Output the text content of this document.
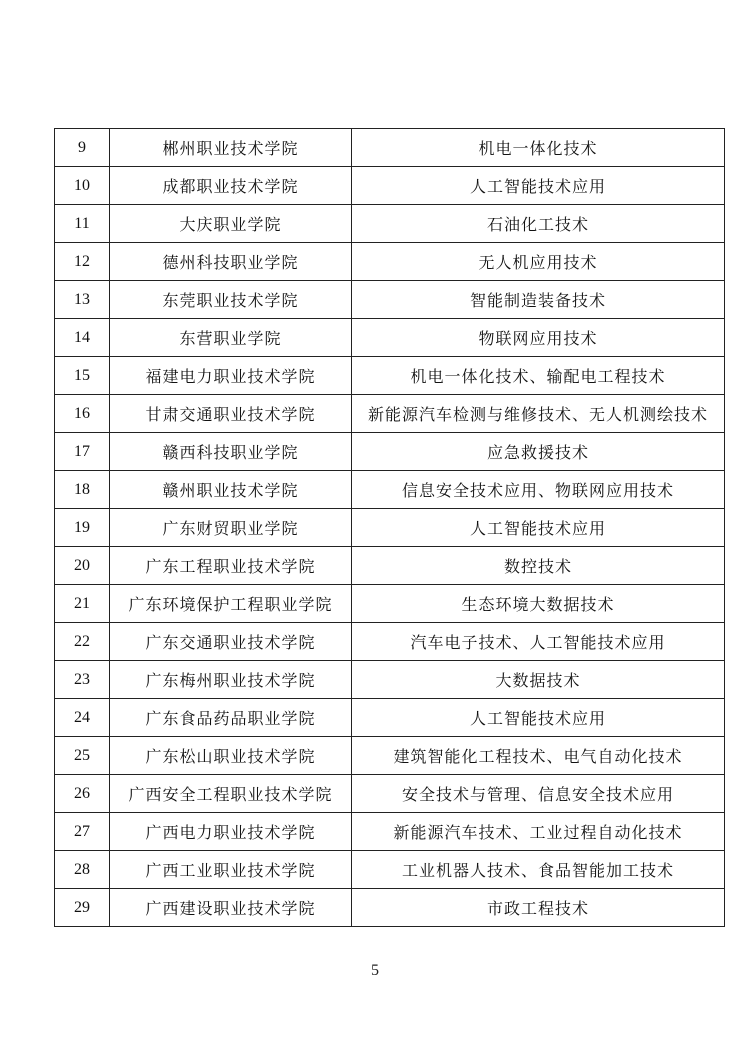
9	郴州职业技术学院	机电一体化技术
10	成都职业技术学院	人工智能技术应用
11	大庆职业学院	石油化工技术
12	德州科技职业学院	无人机应用技术
13	东莞职业技术学院	智能制造装备技术
14	东营职业学院	物联网应用技术
15	福建电力职业技术学院	机电一体化技术、输配电工程技术
16	甘肃交通职业技术学院	新能源汽车检测与维修技术、无人机测绘技术
17	赣西科技职业学院	应急救援技术
18	赣州职业技术学院	信息安全技术应用、物联网应用技术
19	广东财贸职业学院	人工智能技术应用
20	广东工程职业技术学院	数控技术
21	广东环境保护工程职业学院	生态环境大数据技术
22	广东交通职业技术学院	汽车电子技术、人工智能技术应用
23	广东梅州职业技术学院	大数据技术
24	广东食品药品职业学院	人工智能技术应用
25	广东松山职业技术学院	建筑智能化工程技术、电气自动化技术
26	广西安全工程职业技术学院	安全技术与管理、信息安全技术应用
27	广西电力职业技术学院	新能源汽车技术、工业过程自动化技术
28	广西工业职业技术学院	工业机器人技术、食品智能加工技术
29	广西建设职业技术学院	市政工程技术
5
